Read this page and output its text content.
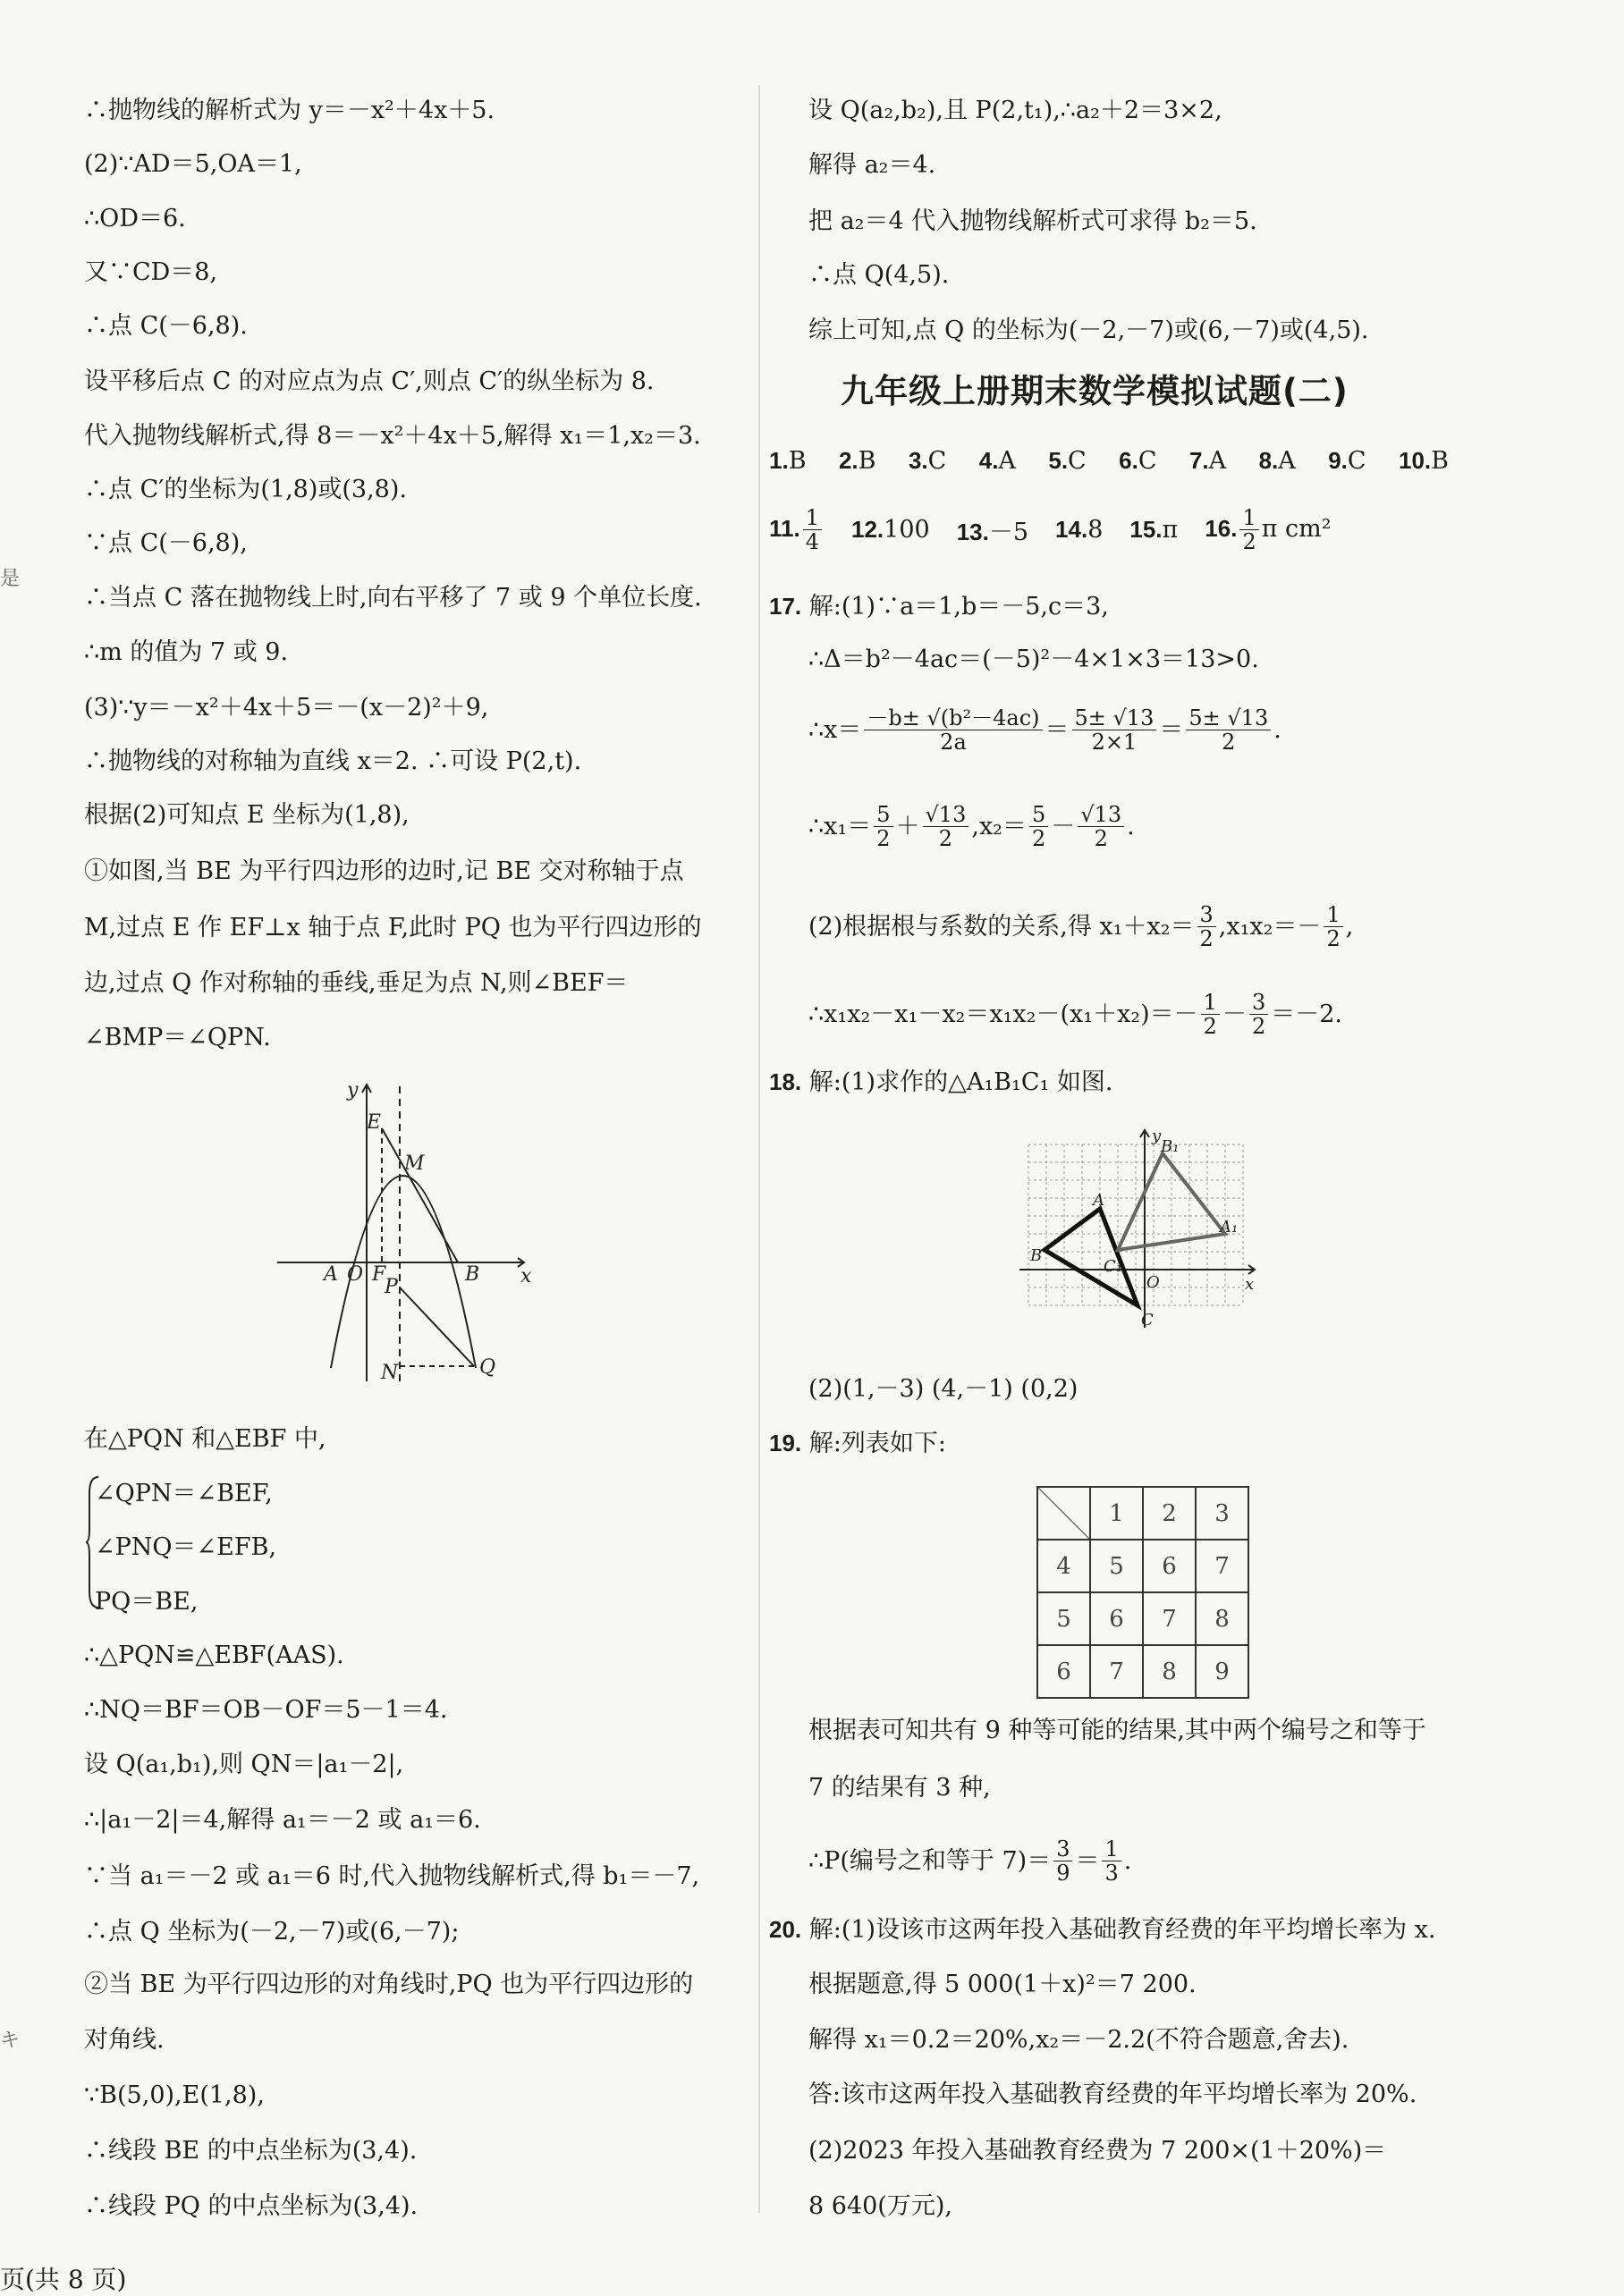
是
キ
∴抛物线的解析式为 y＝－x²＋4x＋5.
(2)∵AD＝5,OA＝1,
∴OD＝6.
又∵CD＝8,
∴点 C(－6,8).
设平移后点 C 的对应点为点 C′,则点 C′的纵坐标为 8.
代入抛物线解析式,得 8＝－x²＋4x＋5,解得 x₁＝1,x₂＝3.
∴点 C′的坐标为(1,8)或(3,8).
∵点 C(－6,8),
∴当点 C 落在抛物线上时,向右平移了 7 或 9 个单位长度.
∴m 的值为 7 或 9.
(3)∵y＝－x²＋4x＋5＝－(x－2)²＋9,
∴抛物线的对称轴为直线 x＝2. ∴可设 P(2,t).
根据(2)可知点 E 坐标为(1,8),
①如图,当 BE 为平行四边形的边时,记 BE 交对称轴于点
M,过点 E 作 EF⊥x 轴于点 F,此时 PQ 也为平行四边形的
边,过点 Q 作对称轴的垂线,垂足为点 N,则∠BEF＝
∠BMP＝∠QPN.
y
x
A O F	B
E
M
P
N	Q
在△PQN 和△EBF 中,
∠QPN＝∠BEF,
∠PNQ＝∠EFB,
PQ＝BE,
∴△PQN≌△EBF(AAS).
∴NQ＝BF＝OB－OF＝5－1＝4.
设 Q(a₁,b₁),则 QN＝|a₁－2|,
∴|a₁－2|＝4,解得 a₁＝－2 或 a₁＝6.
∵当 a₁＝－2 或 a₁＝6 时,代入抛物线解析式,得 b₁＝－7,
∴点 Q 坐标为(－2,－7)或(6,－7);
②当 BE 为平行四边形的对角线时,PQ 也为平行四边形的
对角线.
∵B(5,0),E(1,8),
∴线段 BE 的中点坐标为(3,4).
∴线段 PQ 的中点坐标为(3,4).
设 Q(a₂,b₂),且 P(2,t₁),∴a₂＋2＝3×2,
解得 a₂＝4.
把 a₂＝4 代入抛物线解析式可求得 b₂＝5.
∴点 Q(4,5).
综上可知,点 Q 的坐标为(－2,－7)或(6,－7)或(4,5).
九年级上册期末数学模拟试题(二)
1.B 2.B 3.C 4.A 5.C 6.C 7.A 8.A 9.C 10.B
11. $\frac{1}{4} 12.100$ 13.－5 14.8 15.π 16. $\frac{1}{2}$ π cm²
17. 解:(1)∵a＝1,b＝－5,c＝3,
∴Δ＝b²－4ac＝(－5)²－4×1×3＝13>0.
∴x＝ $\frac{\text{－b± √(b²－4ac)}}{2a} = \frac{5\pm √13}{2\times 1} = \frac{5\pm √13}{2}$ .
∴x₁＝ $\frac{5}{2} + \frac{√13}{2} ,x_2= \frac{5}{2} - \frac{√13}{2}$ .
(2)根据根与系数的关系,得 $x_1+x_2= \frac{3}{2} ,x_1x_2=- \frac{1}{2}$ ,
∴x₁x₂－x₁－x₂＝x₁x₂－(x₁＋x₂)＝－ $\frac{1}{2} - \frac{3}{2} =-2$.
18. 解:(1)求作的△A₁B₁C₁ 如图.
y
x
O
A
B
C
A₁
B₁
C₁
(2)(1,－3) (4,－1) (0,2)
19. 解:列表如下:
	1	2	3
4	5	6	7
5	6	7	8
6	7	8	9
根据表可知共有 9 种等可能的结果,其中两个编号之和等于
7 的结果有 3 种,
∴P(编号之和等于 $7)= \frac{3}{9} = \frac{1}{3}$ .
20. 解:(1)设该市这两年投入基础教育经费的年平均增长率为 x.
根据题意,得 5 000(1＋x)²＝7 200.
解得 x₁＝0.2＝20%,x₂＝－2.2(不符合题意,舍去).
答:该市这两年投入基础教育经费的年平均增长率为 20%.
(2)2023 年投入基础教育经费为 7 200×(1＋20%)＝
8 640(万元),
页(共 8 页)
